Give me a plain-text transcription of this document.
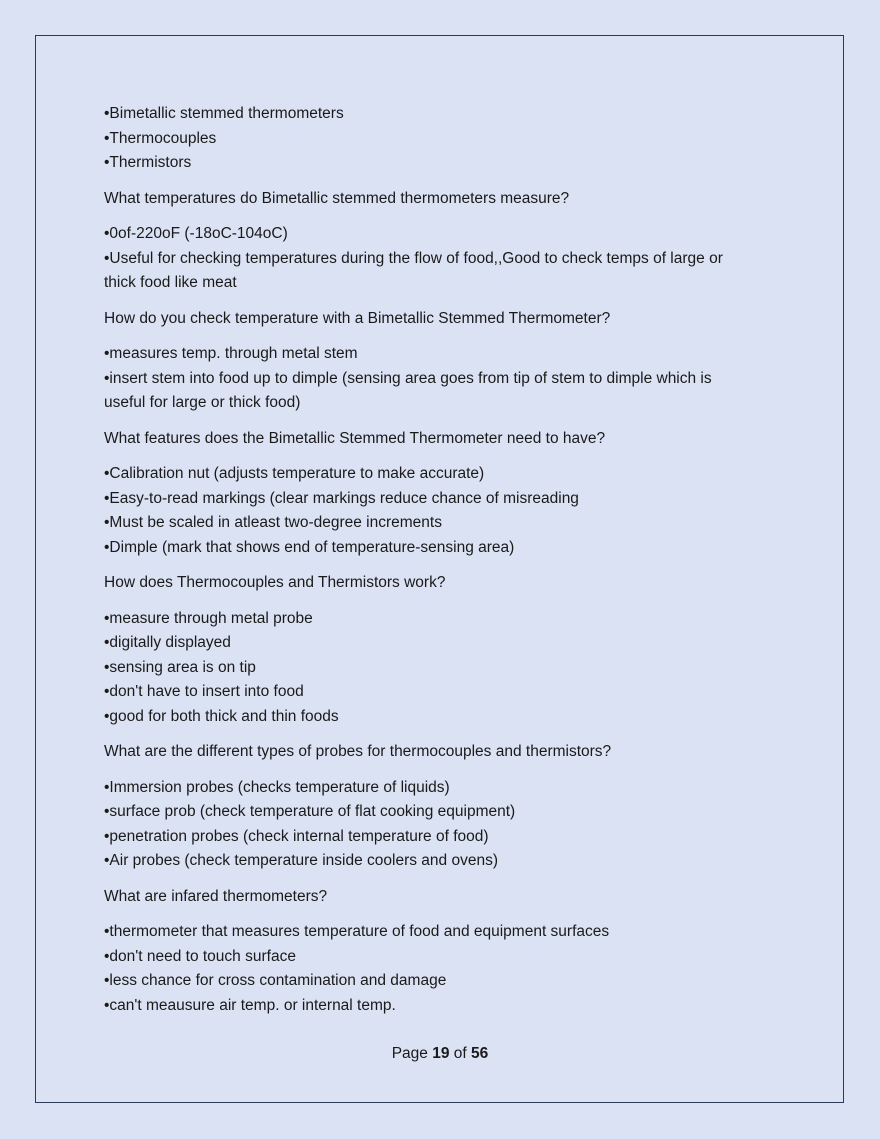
•Bimetallic stemmed thermometers
•Thermocouples
•Thermistors

What temperatures do Bimetallic stemmed thermometers measure?

•0of-220oF (-18oC-104oC)
•Useful for checking temperatures during the flow of food,,Good to check temps of large or thick food like meat

How do you check temperature with a Bimetallic Stemmed Thermometer?

•measures temp. through metal stem
•insert stem into food up to dimple (sensing area goes from tip of stem to dimple which is useful for large or thick food)

What features does the Bimetallic Stemmed Thermometer need to have?

•Calibration nut (adjusts temperature to make accurate)
•Easy-to-read markings (clear markings reduce chance of misreading
•Must be scaled in atleast two-degree increments
•Dimple (mark that shows end of temperature-sensing area)

How does Thermocouples and Thermistors work?

•measure through metal probe
•digitally displayed
•sensing area is on tip
•don't have to insert into food
•good for both thick and thin foods

What are the different types of probes for thermocouples and thermistors?

•Immersion probes (checks temperature of liquids)
•surface prob (check temperature of flat cooking equipment)
•penetration probes (check internal temperature of food)
•Air probes (check temperature inside coolers and ovens)

What are infared thermometers?

•thermometer that measures temperature of food and equipment surfaces
•don't need to touch surface
•less chance for cross contamination and damage
•can't meausure air temp. or internal temp.
Page 19 of 56
